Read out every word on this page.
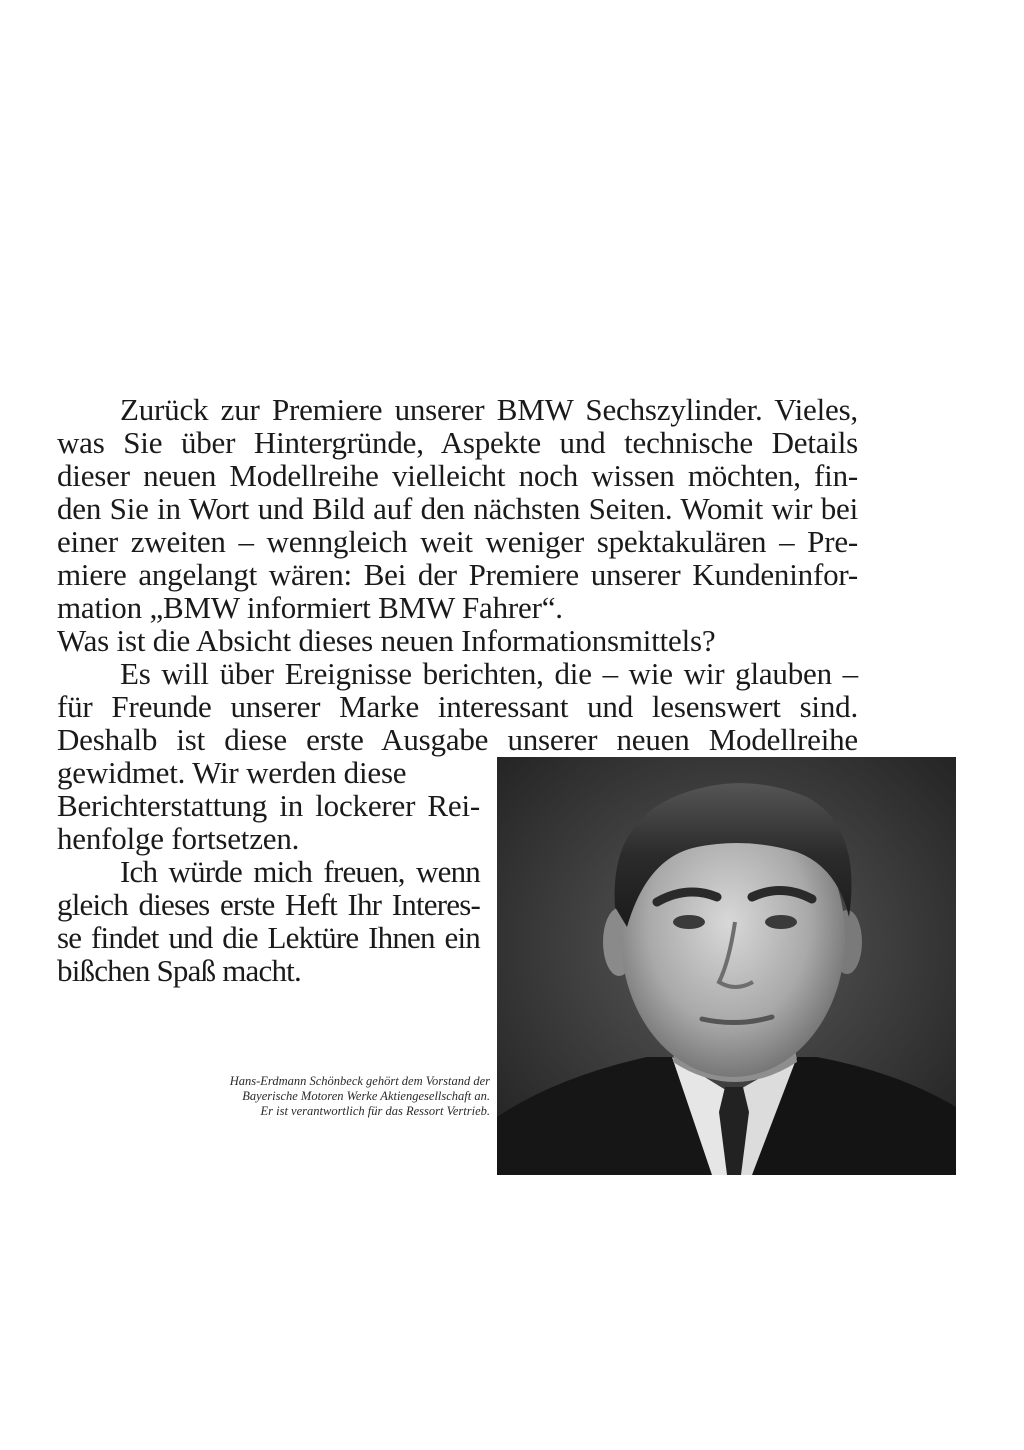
Zurück zur Premiere unserer BMW Sechszylinder. Vieles,
was Sie über Hintergründe, Aspekte und technische Details
dieser neuen Modellreihe vielleicht noch wissen möchten, fin-
den Sie in Wort und Bild auf den nächsten Seiten. Womit wir bei
einer zweiten – wenngleich weit weniger spektakulären – Pre-
miere angelangt wären: Bei der Premiere unserer Kundeninfor-
mation „BMW informiert BMW Fahrer“.
Was ist die Absicht dieses neuen Informationsmittels?
Es will über Ereignisse berichten, die – wie wir glauben –
für Freunde unserer Marke interessant und lesenswert sind.
Deshalb ist diese erste Ausgabe unserer neuen Modellreihe
gewidmet. Wir werden diese
Berichterstattung in lockerer Rei-
henfolge fortsetzen.
Ich würde mich freuen, wenn
gleich dieses erste Heft Ihr Interes-
se findet und die Lektüre Ihnen ein
bißchen Spaß macht.
Hans-Erdmann Schönbeck gehört dem Vorstand der
Bayerische Motoren Werke Aktiengesellschaft an.
Er ist verantwortlich für das Ressort Vertrieb.
